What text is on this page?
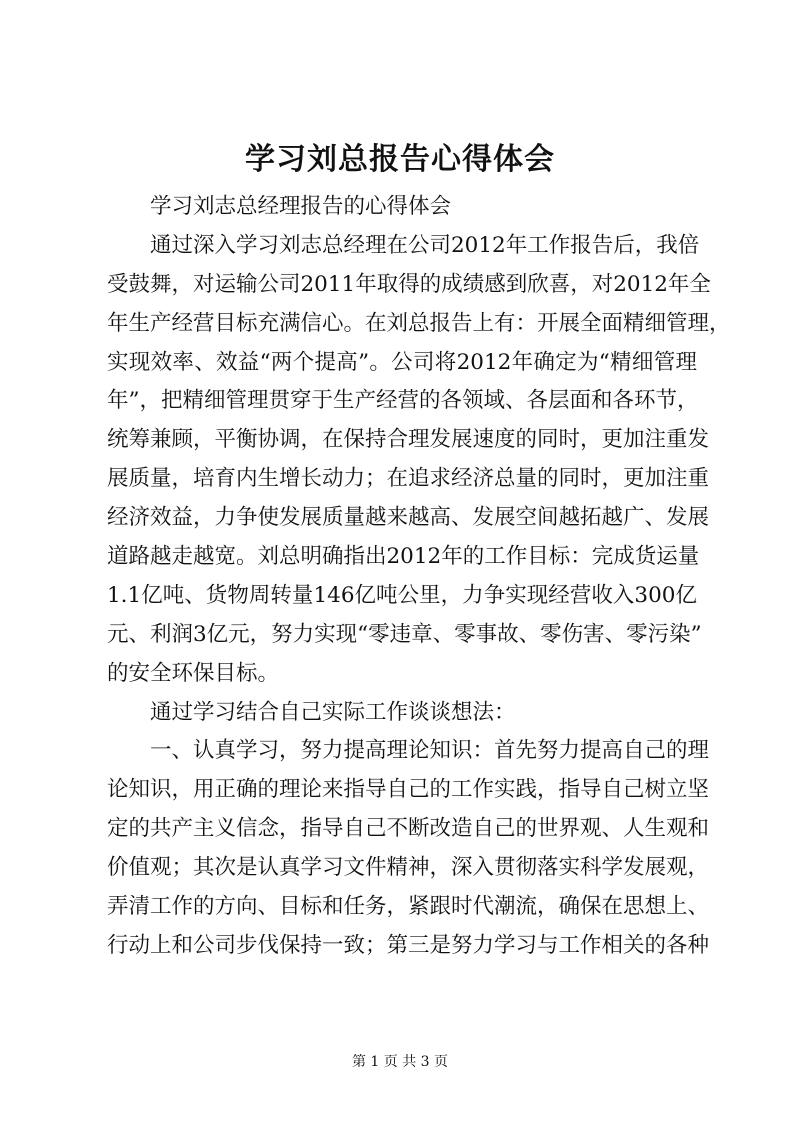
学习刘总报告心得体会
学习刘志总经理报告的心得体会
通过深入学习刘志总经理在公司2012年工作报告后，我倍
受鼓舞，对运输公司2011年取得的成绩感到欣喜，对2012年全
年生产经营目标充满信心。在刘总报告上有：开展全面精细管理，
实现效率、效益“两个提高”。公司将2012年确定为“精细管理
年”，把精细管理贯穿于生产经营的各领域、各层面和各环节，
统筹兼顾，平衡协调，在保持合理发展速度的同时，更加注重发
展质量，培育内生增长动力；在追求经济总量的同时，更加注重
经济效益，力争使发展质量越来越高、发展空间越拓越广、发展
道路越走越宽。刘总明确指出2012年的工作目标：完成货运量
1.1亿吨、货物周转量146亿吨公里，力争实现经营收入300亿
元、利润3亿元，努力实现“零违章、零事故、零伤害、零污染”
的安全环保目标。
通过学习结合自己实际工作谈谈想法：
一、认真学习，努力提高理论知识：首先努力提高自己的理
论知识，用正确的理论来指导自己的工作实践，指导自己树立坚
定的共产主义信念，指导自己不断改造自己的世界观、人生观和
价值观；其次是认真学习文件精神，深入贯彻落实科学发展观，
弄清工作的方向、目标和任务，紧跟时代潮流，确保在思想上、
行动上和公司步伐保持一致；第三是努力学习与工作相关的各种
第 1 页 共 3 页
